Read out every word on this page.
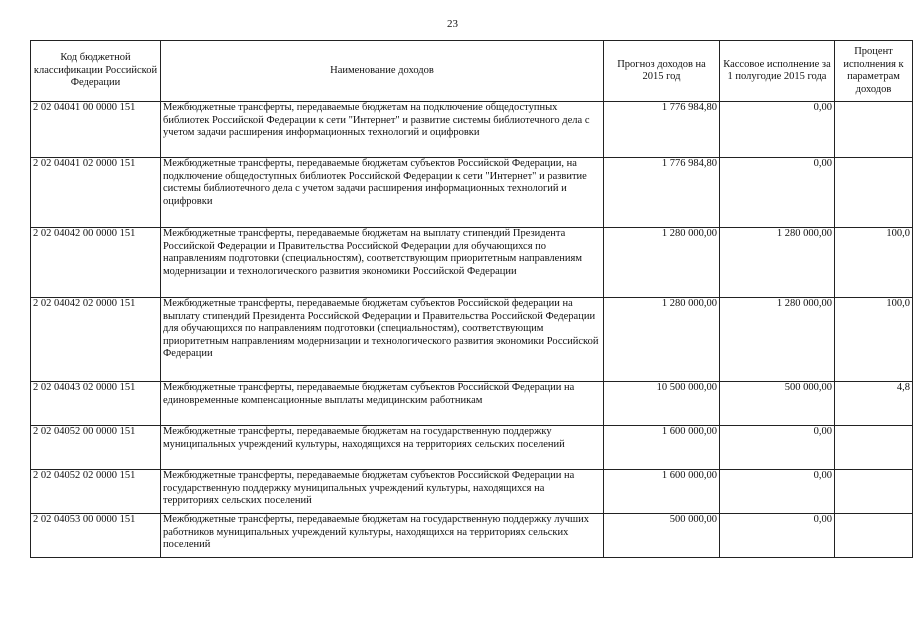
23
Код бюджетной классификации Российской Федерации	Наименование доходов	Прогноз доходов на 2015 год	Кассовое исполнение за 1 полугодие 2015 года	Процент исполнения к параметрам доходов
2 02 04041 00 0000 151	Межбюджетные трансферты, передаваемые бюджетам на подключение общедоступных библиотек Российской Федерации к сети "Интернет" и развитие системы библиотечного дела с учетом задачи расширения информационных технологий и оцифровки	1 776 984,80	0,00	
2 02 04041 02 0000 151	Межбюджетные трансферты, передаваемые бюджетам субъектов Российской Федерации, на подключение общедоступных библиотек Российской Федерации к сети "Интернет" и развитие системы библиотечного дела с учетом задачи расширения информационных технологий и оцифровки	1 776 984,80	0,00	
2 02 04042 00 0000 151	Межбюджетные трансферты, передаваемые бюджетам на выплату стипендий Президента Российской Федерации и Правительства Российской Федерации для обучающихся по направлениям подготовки (специальностям), соответствующим приоритетным направлениям модернизации и технологического развития экономики Российской Федерации	1 280 000,00	1 280 000,00	100,0
2 02 04042 02 0000 151	Межбюджетные трансферты, передаваемые бюджетам субъектов Российской федерации на выплату стипендий Президента Российской Федерации и Правительства Российской Федерации для обучающихся по направлениям подготовки (специальностям), соответствующим приоритетным направлениям модернизации и технологического развития экономики Российской Федерации	1 280 000,00	1 280 000,00	100,0
2 02 04043 02 0000 151	Межбюджетные трансферты, передаваемые бюджетам субъектов Российской Федерации на единовременные компенсационные выплаты медицинским работникам	10 500 000,00	500 000,00	4,8
2 02 04052 00 0000 151	Межбюджетные трансферты, передаваемые бюджетам на государственную поддержку муниципальных учреждений культуры, находящихся на территориях сельских поселений	1 600 000,00	0,00	
2 02 04052 02 0000 151	Межбюджетные трансферты, передаваемые бюджетам субъектов Российской Федерации на государственную поддержку муниципальных учреждений культуры, находящихся на территориях сельских поселений	1 600 000,00	0,00	
2 02 04053 00 0000 151	Межбюджетные трансферты, передаваемые бюджетам на государственную поддержку лучших работников муниципальных учреждений культуры, находящихся на территориях сельских поселений	500 000,00	0,00	
